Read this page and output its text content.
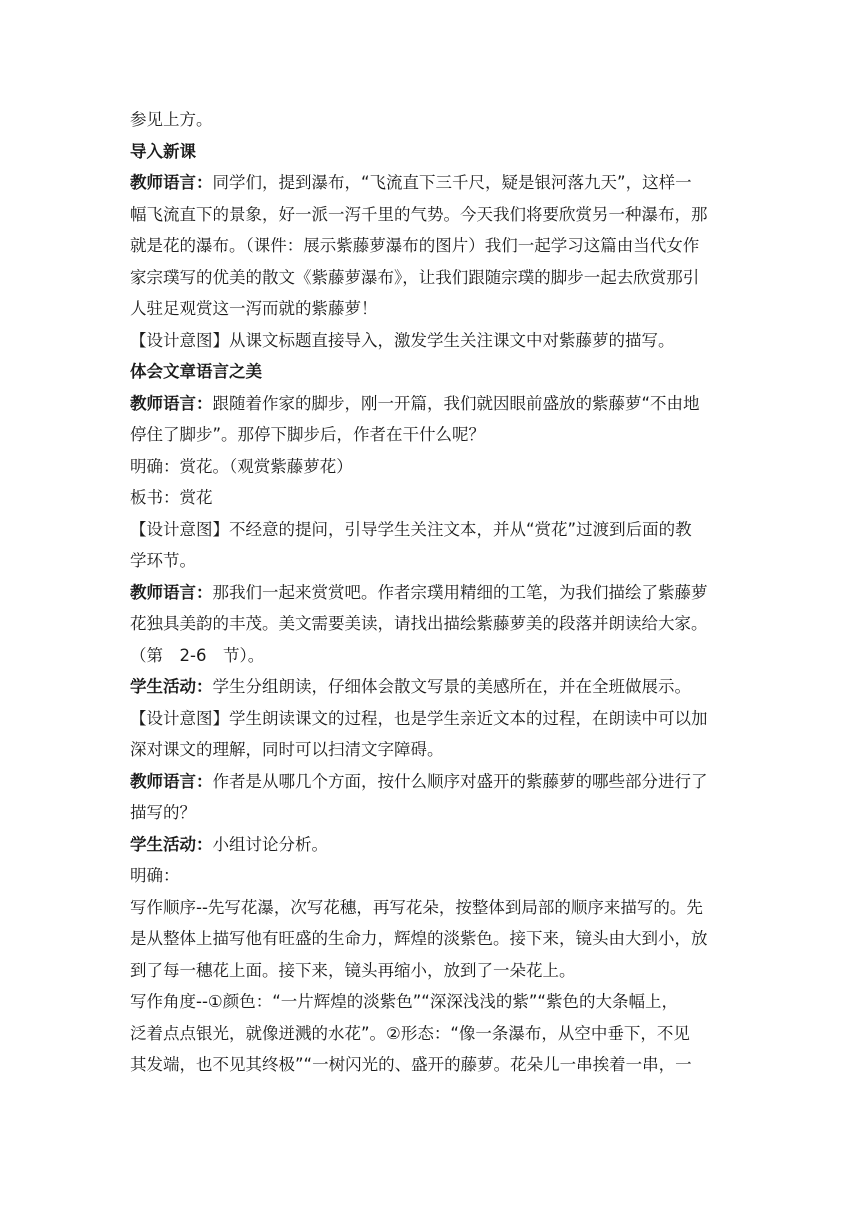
参见上方。

导入新课

教师语言：同学们，提到瀑布，“飞流直下三千尺，疑是银河落九天”，这样一

幅飞流直下的景象，好一派一泻千里的气势。今天我们将要欣赏另一种瀑布，那

就是花的瀑布。（课件：展示紫藤萝瀑布的图片）我们一起学习这篇由当代女作

家宗璞写的优美的散文《紫藤萝瀑布》，让我们跟随宗璞的脚步一起去欣赏那引

人驻足观赏这一泻而就的紫藤萝！

【设计意图】从课文标题直接导入，激发学生关注课文中对紫藤萝的描写。

体会文章语言之美

教师语言：跟随着作家的脚步，刚一开篇，我们就因眼前盛放的紫藤萝“不由地

停住了脚步”。那停下脚步后，作者在干什么呢？

明确：赏花。（观赏紫藤萝花）

板书：赏花

【设计意图】不经意的提问，引导学生关注文本，并从“赏花”过渡到后面的教

学环节。

教师语言：那我们一起来赏赏吧。作者宗璞用精细的工笔，为我们描绘了紫藤萝

花独具美韵的丰茂。美文需要美读，请找出描绘紫藤萝美的段落并朗读给大家。

（第　2-6　节）。

学生活动：学生分组朗读，仔细体会散文写景的美感所在，并在全班做展示。

【设计意图】学生朗读课文的过程，也是学生亲近文本的过程，在朗读中可以加

深对课文的理解，同时可以扫清文字障碍。

教师语言：作者是从哪几个方面，按什么顺序对盛开的紫藤萝的哪些部分进行了

描写的？

学生活动：小组讨论分析。

明确：

写作顺序--先写花瀑，次写花穗，再写花朵，按整体到局部的顺序来描写的。先

是从整体上描写他有旺盛的生命力，辉煌的淡紫色。接下来，镜头由大到小，放

到了每一穗花上面。接下来，镜头再缩小，放到了一朵花上。

写作角度--①颜色：“一片辉煌的淡紫色”“深深浅浅的紫”“紫色的大条幅上，

泛着点点银光，就像迸溅的水花”。②形态：“像一条瀑布，从空中垂下，不见

其发端，也不见其终极”“一树闪光的、盛开的藤萝。花朵儿一串挨着一串，一
